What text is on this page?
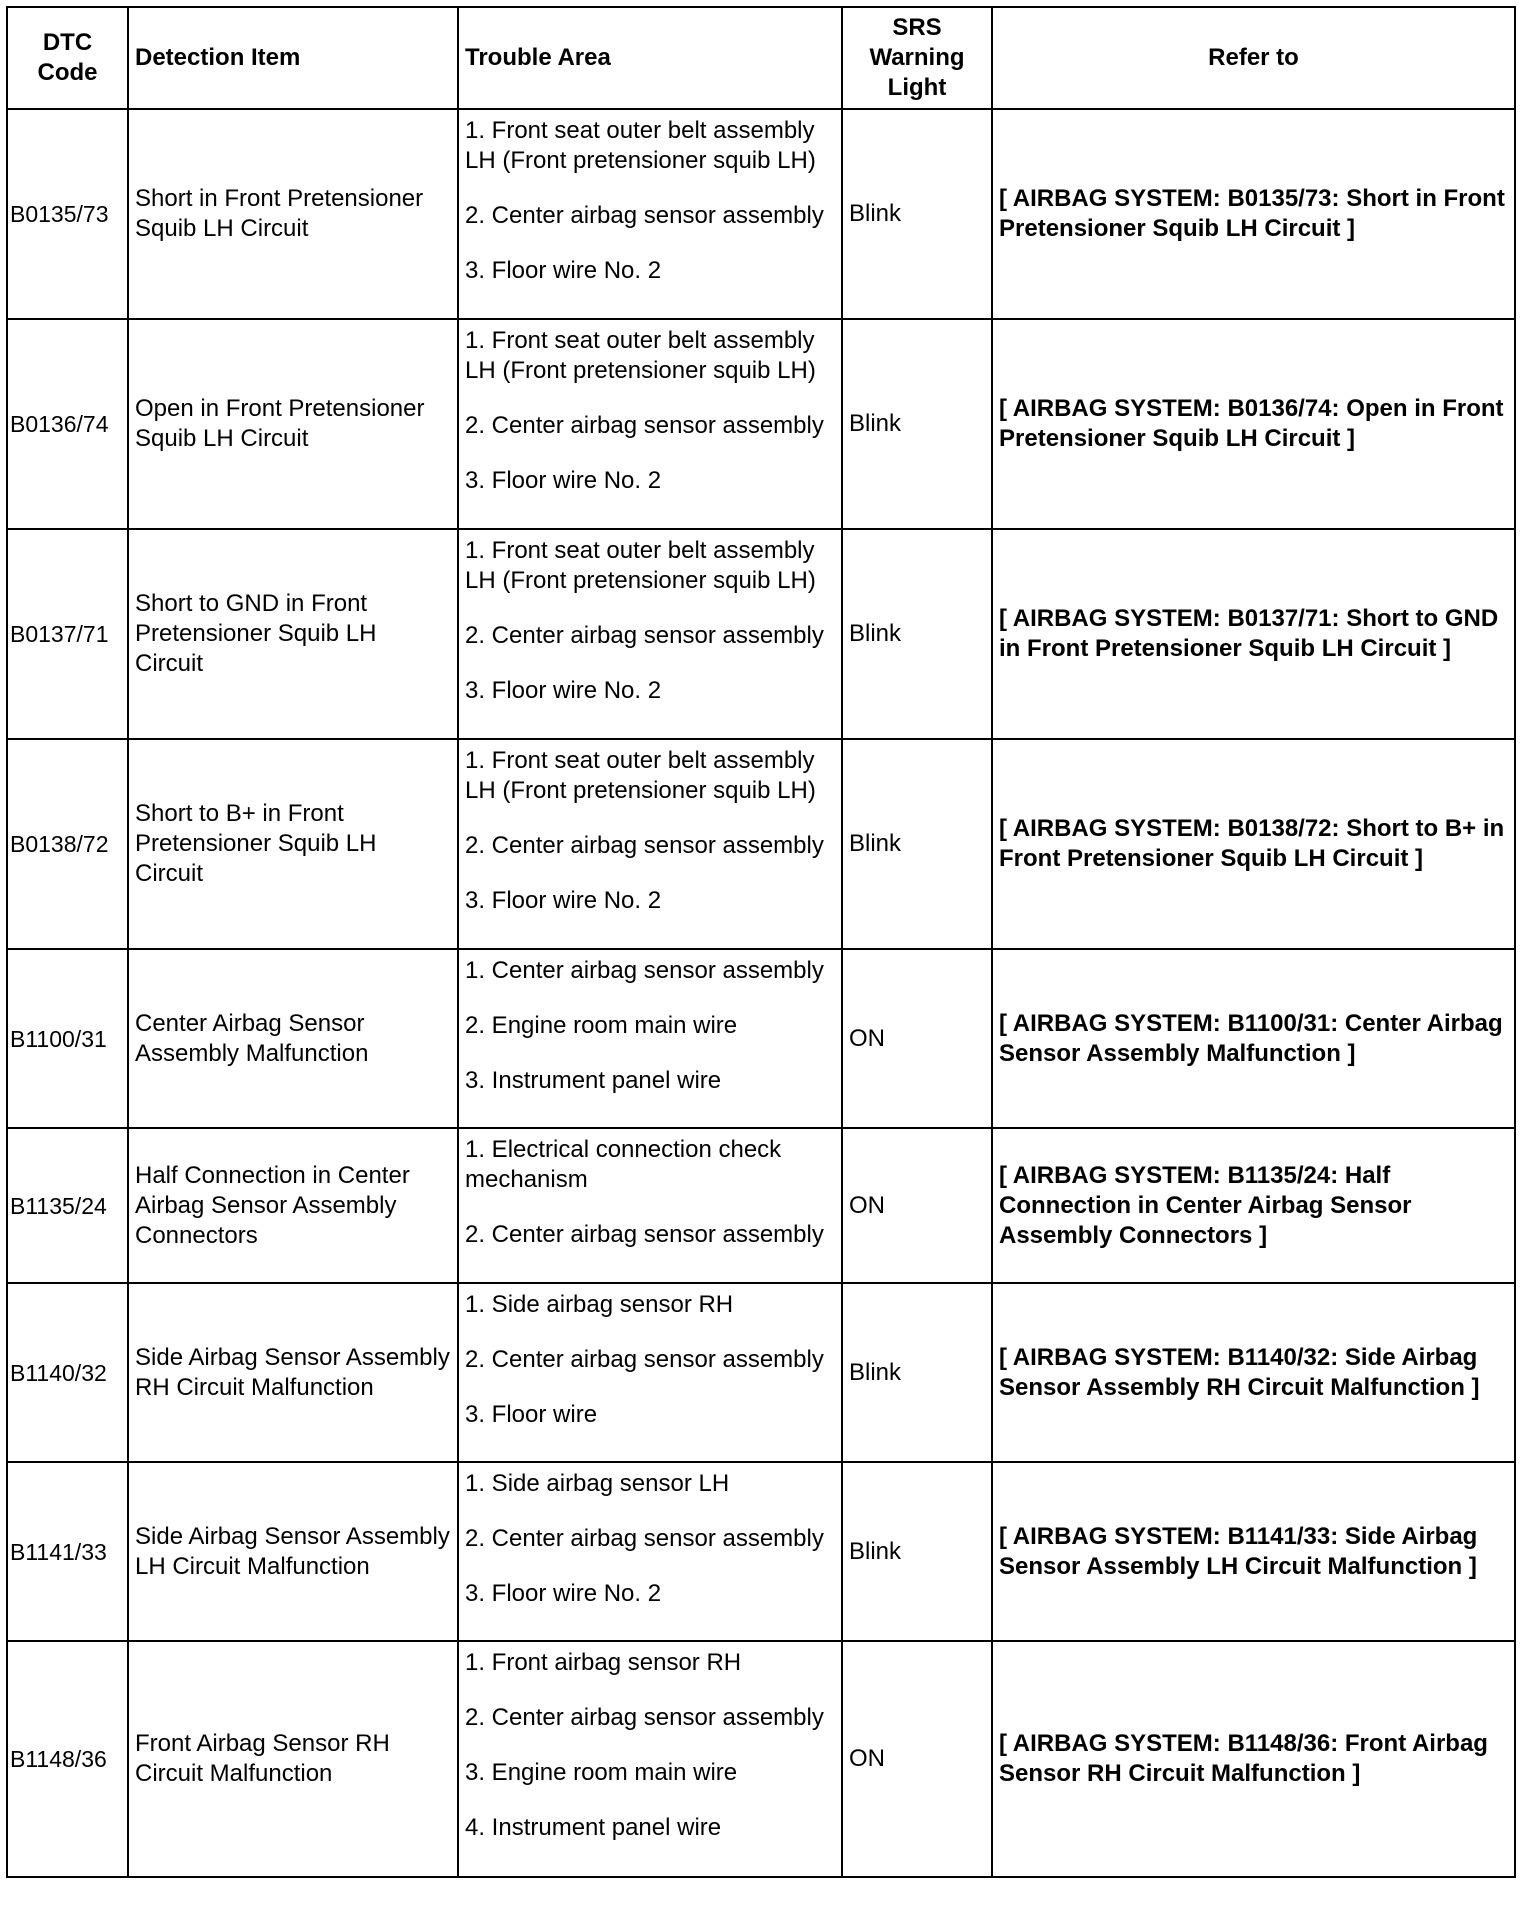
DTC Code	Detection Item	Trouble Area	SRS Warning Light	Refer to
B0135/73	Short in Front Pretensioner Squib LH Circuit	1. Front seat outer belt assembly LH (Front pretensioner squib LH)
2. Center airbag sensor assembly
3. Floor wire No. 2	Blink	[ AIRBAG SYSTEM: B0135/73: Short in Front Pretensioner Squib LH Circuit ]
B0136/74	Open in Front Pretensioner Squib LH Circuit	1. Front seat outer belt assembly LH (Front pretensioner squib LH)
2. Center airbag sensor assembly
3. Floor wire No. 2	Blink	[ AIRBAG SYSTEM: B0136/74: Open in Front Pretensioner Squib LH Circuit ]
B0137/71	Short to GND in Front Pretensioner Squib LH Circuit	1. Front seat outer belt assembly LH (Front pretensioner squib LH)
2. Center airbag sensor assembly
3. Floor wire No. 2	Blink	[ AIRBAG SYSTEM: B0137/71: Short to GND in Front Pretensioner Squib LH Circuit ]
B0138/72	Short to B+ in Front Pretensioner Squib LH Circuit	1. Front seat outer belt assembly LH (Front pretensioner squib LH)
2. Center airbag sensor assembly
3. Floor wire No. 2	Blink	[ AIRBAG SYSTEM: B0138/72: Short to B+ in Front Pretensioner Squib LH Circuit ]
B1100/31	Center Airbag Sensor Assembly Malfunction	1. Center airbag sensor assembly
2. Engine room main wire
3. Instrument panel wire	ON	[ AIRBAG SYSTEM: B1100/31: Center Airbag Sensor Assembly Malfunction ]
B1135/24	Half Connection in Center Airbag Sensor Assembly Connectors	1. Electrical connection check mechanism
2. Center airbag sensor assembly	ON	[ AIRBAG SYSTEM: B1135/24: Half Connection in Center Airbag Sensor Assembly Connectors ]
B1140/32	Side Airbag Sensor Assembly RH Circuit Malfunction	1. Side airbag sensor RH
2. Center airbag sensor assembly
3. Floor wire	Blink	[ AIRBAG SYSTEM: B1140/32: Side Airbag Sensor Assembly RH Circuit Malfunction ]
B1141/33	Side Airbag Sensor Assembly LH Circuit Malfunction	1. Side airbag sensor LH
2. Center airbag sensor assembly
3. Floor wire No. 2	Blink	[ AIRBAG SYSTEM: B1141/33: Side Airbag Sensor Assembly LH Circuit Malfunction ]
B1148/36	Front Airbag Sensor RH Circuit Malfunction	1. Front airbag sensor RH
2. Center airbag sensor assembly
3. Engine room main wire
4. Instrument panel wire	ON	[ AIRBAG SYSTEM: B1148/36: Front Airbag Sensor RH Circuit Malfunction ]
